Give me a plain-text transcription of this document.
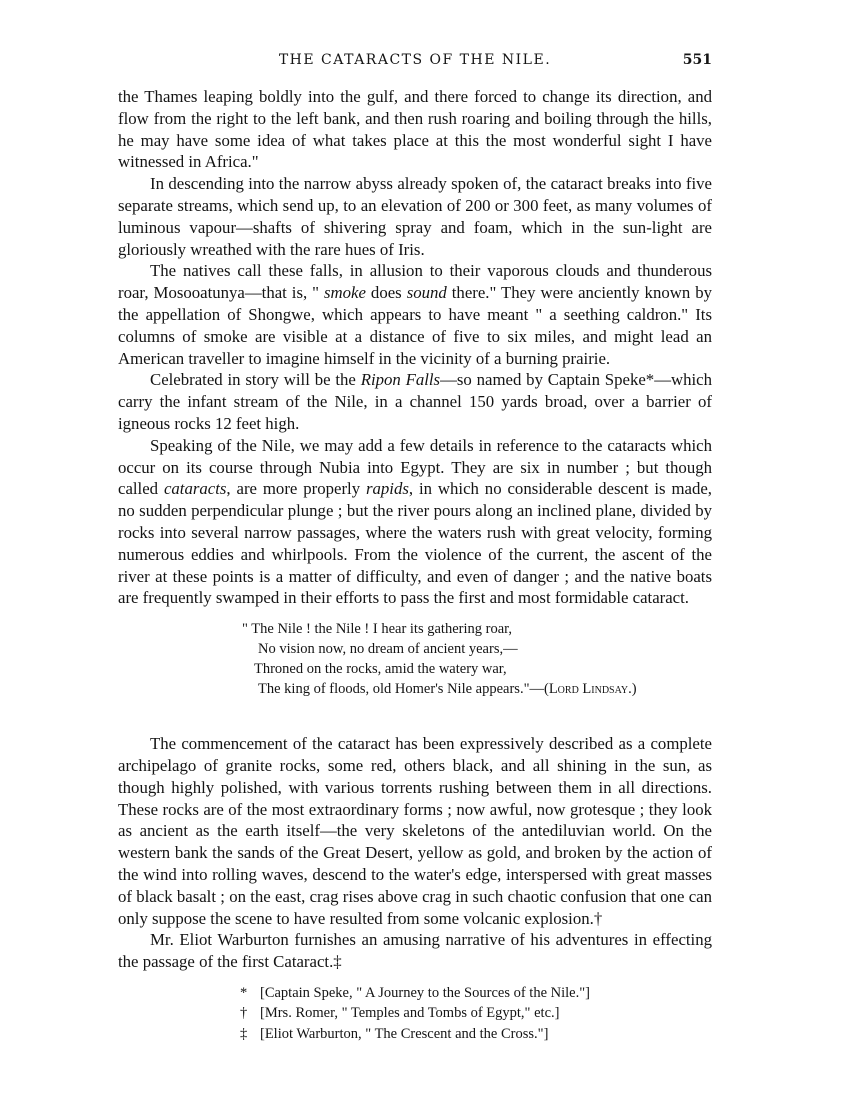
THE CATARACTS OF THE NILE.	551

the Thames leaping boldly into the gulf, and there forced to change its direction, and flow from the right to the left bank, and then rush roaring and boiling through the hills, he may have some idea of what takes place at this the most wonderful sight I have witnessed in Africa."

In descending into the narrow abyss already spoken of, the cataract breaks into five separate streams, which send up, to an elevation of 200 or 300 feet, as many volumes of luminous vapour—shafts of shivering spray and foam, which in the sun-light are gloriously wreathed with the rare hues of Iris.

The natives call these falls, in allusion to their vaporous clouds and thunderous roar, Mosooatunya—that is, " smoke does sound there." They were anciently known by the appellation of Shongwe, which appears to have meant " a seething caldron." Its columns of smoke are visible at a distance of five to six miles, and might lead an American traveller to imagine himself in the vicinity of a burning prairie.

Celebrated in story will be the Ripon Falls—so named by Captain Speke*—which carry the infant stream of the Nile, in a channel 150 yards broad, over a barrier of igneous rocks 12 feet high.

Speaking of the Nile, we may add a few details in reference to the cataracts which occur on its course through Nubia into Egypt. They are six in number ; but though called cataracts, are more properly rapids, in which no considerable descent is made, no sudden perpendicular plunge ; but the river pours along an inclined plane, divided by rocks into several narrow passages, where the waters rush with great velocity, forming numerous eddies and whirlpools. From the violence of the current, the ascent of the river at these points is a matter of difficulty, and even of danger ; and the native boats are frequently swamped in their efforts to pass the first and most formidable cataract.

" The Nile ! the Nile ! I hear its gathering roar,
No vision now, no dream of ancient years,—
Throned on the rocks, amid the watery war,
The king of floods, old Homer's Nile appears."—(Lord Lindsay.)

The commencement of the cataract has been expressively described as a complete archipelago of granite rocks, some red, others black, and all shining in the sun, as though highly polished, with various torrents rushing between them in all directions. These rocks are of the most extraordinary forms ; now awful, now grotesque ; they look as ancient as the earth itself—the very skeletons of the antediluvian world. On the western bank the sands of the Great Desert, yellow as gold, and broken by the action of the wind into rolling waves, descend to the water's edge, interspersed with great masses of black basalt ; on the east, crag rises above crag in such chaotic confusion that one can only suppose the scene to have resulted from some volcanic explosion.†

Mr. Eliot Warburton furnishes an amusing narrative of his adventures in effecting the passage of the first Cataract.‡

* [Captain Speke, " A Journey to the Sources of the Nile."]
† [Mrs. Romer, " Temples and Tombs of Egypt," etc.]
‡ [Eliot Warburton, " The Crescent and the Cross."]
